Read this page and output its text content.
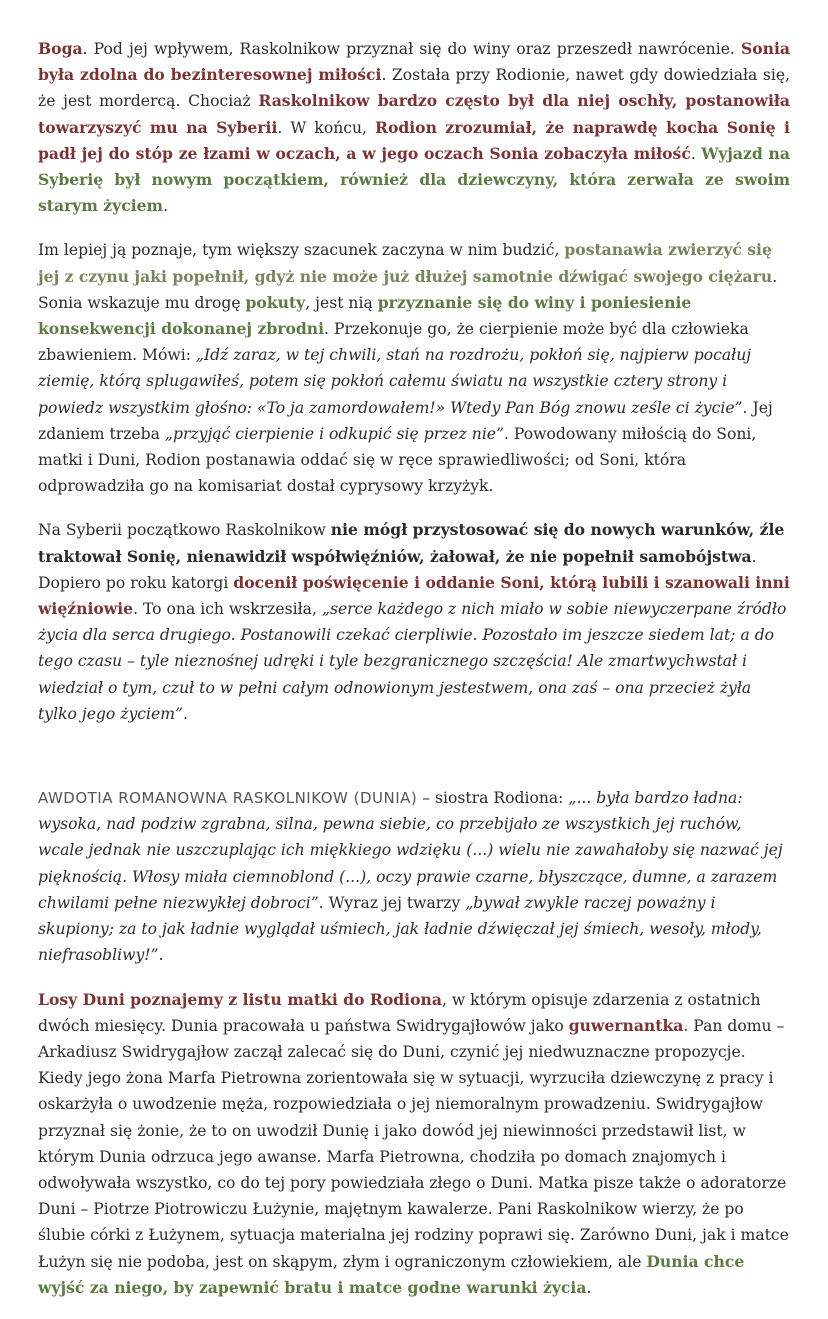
Boga. Pod jej wpływem, Raskolnikow przyznał się do winy oraz przeszedł nawrócenie. Sonia była zdolna do bezinteresownej miłości. Została przy Rodionie, nawet gdy dowiedziała się, że jest mordercą. Chociaż Raskolnikow bardzo często był dla niej oschły, postanowiła towarzyszyć mu na Syberii. W końcu, Rodion zrozumiał, że naprawdę kocha Sonię i padł jej do stóp ze łzami w oczach, a w jego oczach Sonia zobaczyła miłość. Wyjazd na Syberię był nowym początkiem, również dla dziewczyny, która zerwała ze swoim starym życiem.

Im lepiej ją poznaje, tym większy szacunek zaczyna w nim budzić, postanawia zwierzyć się jej z czynu jaki popełnił, gdyż nie może już dłużej samotnie dźwigać swojego ciężaru. Sonia wskazuje mu drogę pokuty, jest nią przyznanie się do winy i poniesienie konsekwencji dokonanej zbrodni. Przekonuje go, że cierpienie może być dla człowieka zbawieniem. Mówi: „Idź zaraz, w tej chwili, stań na rozdrożu, pokłoń się, najpierw pocałuj ziemię, którą splugawiłeś, potem się pokłoń całemu światu na wszystkie cztery strony i powiedz wszystkim głośno: «To ja zamordowałem!» Wtedy Pan Bóg znowu ześle ci życie”. Jej zdaniem trzeba „przyjąć cierpienie i odkupić się przez nie”. Powodowany miłością do Soni, matki i Duni, Rodion postanawia oddać się w ręce sprawiedliwości; od Soni, która odprowadziła go na komisariat dostał cyprysowy krzyżyk.

Na Syberii początkowo Raskolnikow nie mógł przystosować się do nowych warunków, źle traktował Sonię, nienawidził współwięźniów, żałował, że nie popełnił samobójstwa. Dopiero po roku katorgi docenił poświęcenie i oddanie Soni, którą lubili i szanowali inni więźniowie. To ona ich wskrzesiła, „serce każdego z nich miało w sobie niewyczerpane źródło życia dla serca drugiego. Postanowili czekać cierpliwie. Pozostało im jeszcze siedem lat; a do tego czasu – tyle nieznośnej udręki i tyle bezgranicznego szczęścia! Ale zmartwychwstał i wiedział o tym, czuł to w pełni całym odnowionym jestestwem, ona zaś – ona przecież żyła tylko jego życiem”.

AWDOTIA ROMANOWNA RASKOLNIKOW (DUNIA) – siostra Rodiona: „... była bardzo ładna: wysoka, nad podziw zgrabna, silna, pewna siebie, co przebijało ze wszystkich jej ruchów, wcale jednak nie uszczuplając ich miękkiego wdzięku (...) wielu nie zawahałoby się nazwać jej pięknością. Włosy miała ciemnoblond (...), oczy prawie czarne, błyszczące, dumne, a zarazem chwilami pełne niezwykłej dobroci”. Wyraz jej twarzy „bywał zwykle raczej poważny i skupiony; za to jak ładnie wyglądał uśmiech, jak ładnie dźwięczał jej śmiech, wesoły, młody, niefrasobliwy!”.

Losy Duni poznajemy z listu matki do Rodiona, w którym opisuje zdarzenia z ostatnich dwóch miesięcy. Dunia pracowała u państwa Swidrygajłowów jako guwernantka. Pan domu – Arkadiusz Swidrygajłow zaczął zalecać się do Duni, czynić jej niedwuznaczne propozycje. Kiedy jego żona Marfa Pietrowna zorientowała się w sytuacji, wyrzuciła dziewczynę z pracy i oskarżyła o uwodzenie męża, rozpowiedziała o jej niemoralnym prowadzeniu. Swidrygajłow przyznał się żonie, że to on uwodził Dunię i jako dowód jej niewinności przedstawił list, w którym Dunia odrzuca jego awanse. Marfa Pietrowna, chodziła po domach znajomych i odwoływała wszystko, co do tej pory powiedziała złego o Duni. Matka pisze także o adoratorze Duni – Piotrze Piotrowiczu Łużynie, majętnym kawalerze. Pani Raskolnikow wierzy, że po ślubie córki z Łużynem, sytuacja materialna jej rodziny poprawi się. Zarówno Duni, jak i matce Łużyn się nie podoba, jest on skąpym, złym i ograniczonym człowiekiem, ale Dunia chce wyjść za niego, by zapewnić bratu i matce godne warunki życia.
